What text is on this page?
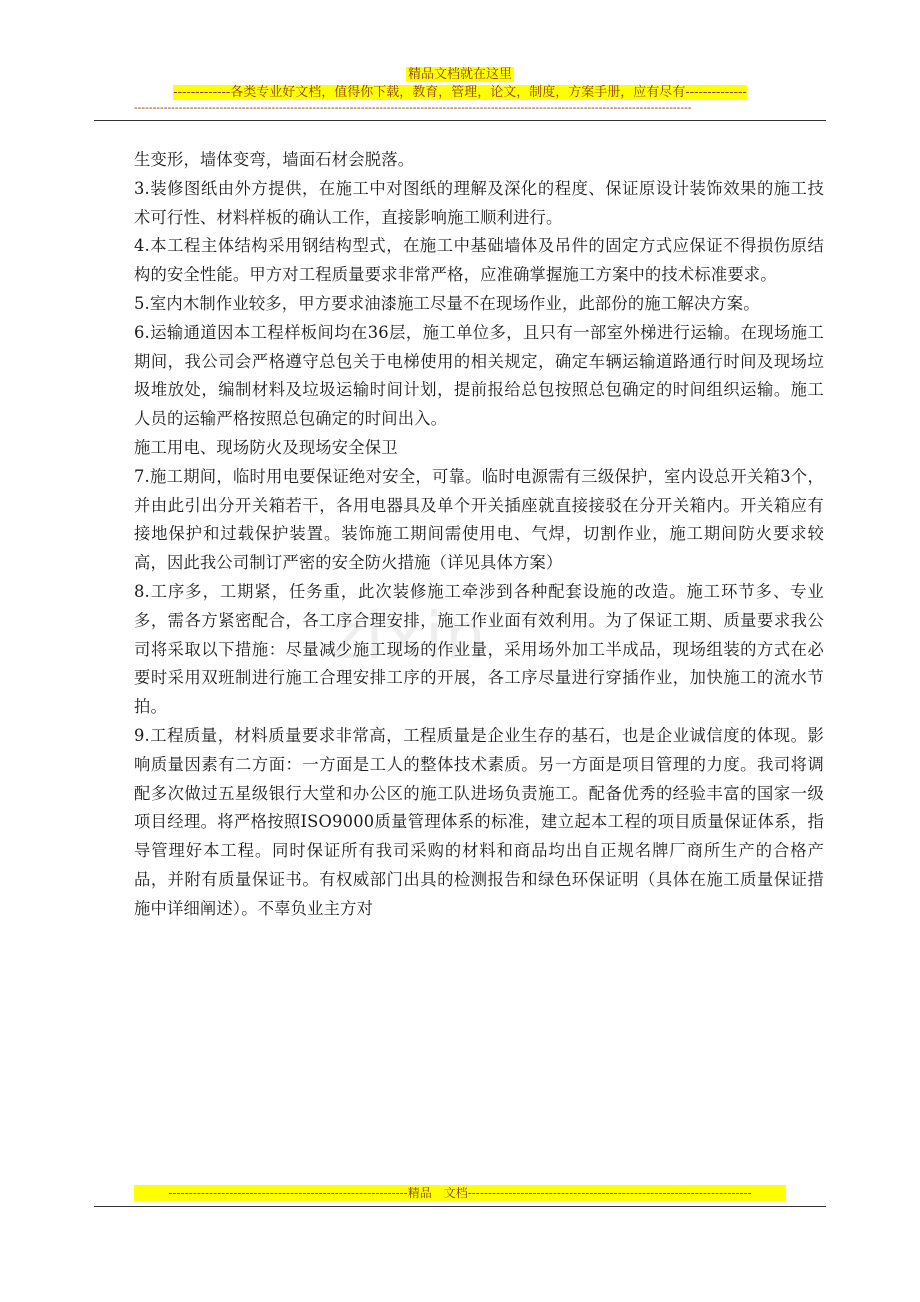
精品文档就在这里
-------------各类专业好文档，值得你下载，教育，管理，论文，制度，方案手册，应有尽有--------------
------------------------------------------------------------------------------------------------------------------------------------------------------
zixin

生变形，墙体变弯，墙面石材会脱落。

3.装修图纸由外方提供，在施工中对图纸的理解及深化的程度、保证原设计装饰效果的施工技术可行性、材料样板的确认工作，直接影响施工顺利进行。

4.本工程主体结构采用钢结构型式，在施工中基础墙体及吊件的固定方式应保证不得损伤原结构的安全性能。甲方对工程质量要求非常严格，应准确掌握施工方案中的技术标准要求。

5.室内木制作业较多，甲方要求油漆施工尽量不在现场作业，此部份的施工解决方案。

6.运输通道因本工程样板间均在36层，施工单位多，且只有一部室外梯进行运输。在现场施工期间，我公司会严格遵守总包关于电梯使用的相关规定，确定车辆运输道路通行时间及现场垃圾堆放处，编制材料及垃圾运输时间计划，提前报给总包按照总包确定的时间组织运输。施工人员的运输严格按照总包确定的时间出入。

施工用电、现场防火及现场安全保卫

7.施工期间，临时用电要保证绝对安全，可靠。临时电源需有三级保护，室内设总开关箱3个，并由此引出分开关箱若干，各用电器具及单个开关插座就直接接驳在分开关箱内。开关箱应有接地保护和过载保护装置。装饰施工期间需使用电、气焊，切割作业，施工期间防火要求较高，因此我公司制订严密的安全防火措施（详见具体方案）

8.工序多，工期紧，任务重，此次装修施工牵涉到各种配套设施的改造。施工环节多、专业多，需各方紧密配合，各工序合理安排，施工作业面有效利用。为了保证工期、质量要求我公司将采取以下措施：尽量减少施工现场的作业量，采用场外加工半成品，现场组装的方式在必要时采用双班制进行施工合理安排工序的开展，各工序尽量进行穿插作业，加快施工的流水节拍。

9.工程质量，材料质量要求非常高，工程质量是企业生存的基石，也是企业诚信度的体现。影响质量因素有二方面：一方面是工人的整体技术素质。另一方面是项目管理的力度。我司将调配多次做过五星级银行大堂和办公区的施工队进场负责施工。配备优秀的经验丰富的国家一级项目经理。将严格按照ISO9000质量管理体系的标准，建立起本工程的项目质量保证体系，指导管理好本工程。同时保证所有我司采购的材料和商品均出自正规名牌厂商所生产的合格产品，并附有质量保证书。有权威部门出具的检测报告和绿色环保证明（具体在施工质量保证措施中详细阐述）。不辜负业主方对

-----------------------------------------------------------精品　文档----------------------------------------------------------------------
